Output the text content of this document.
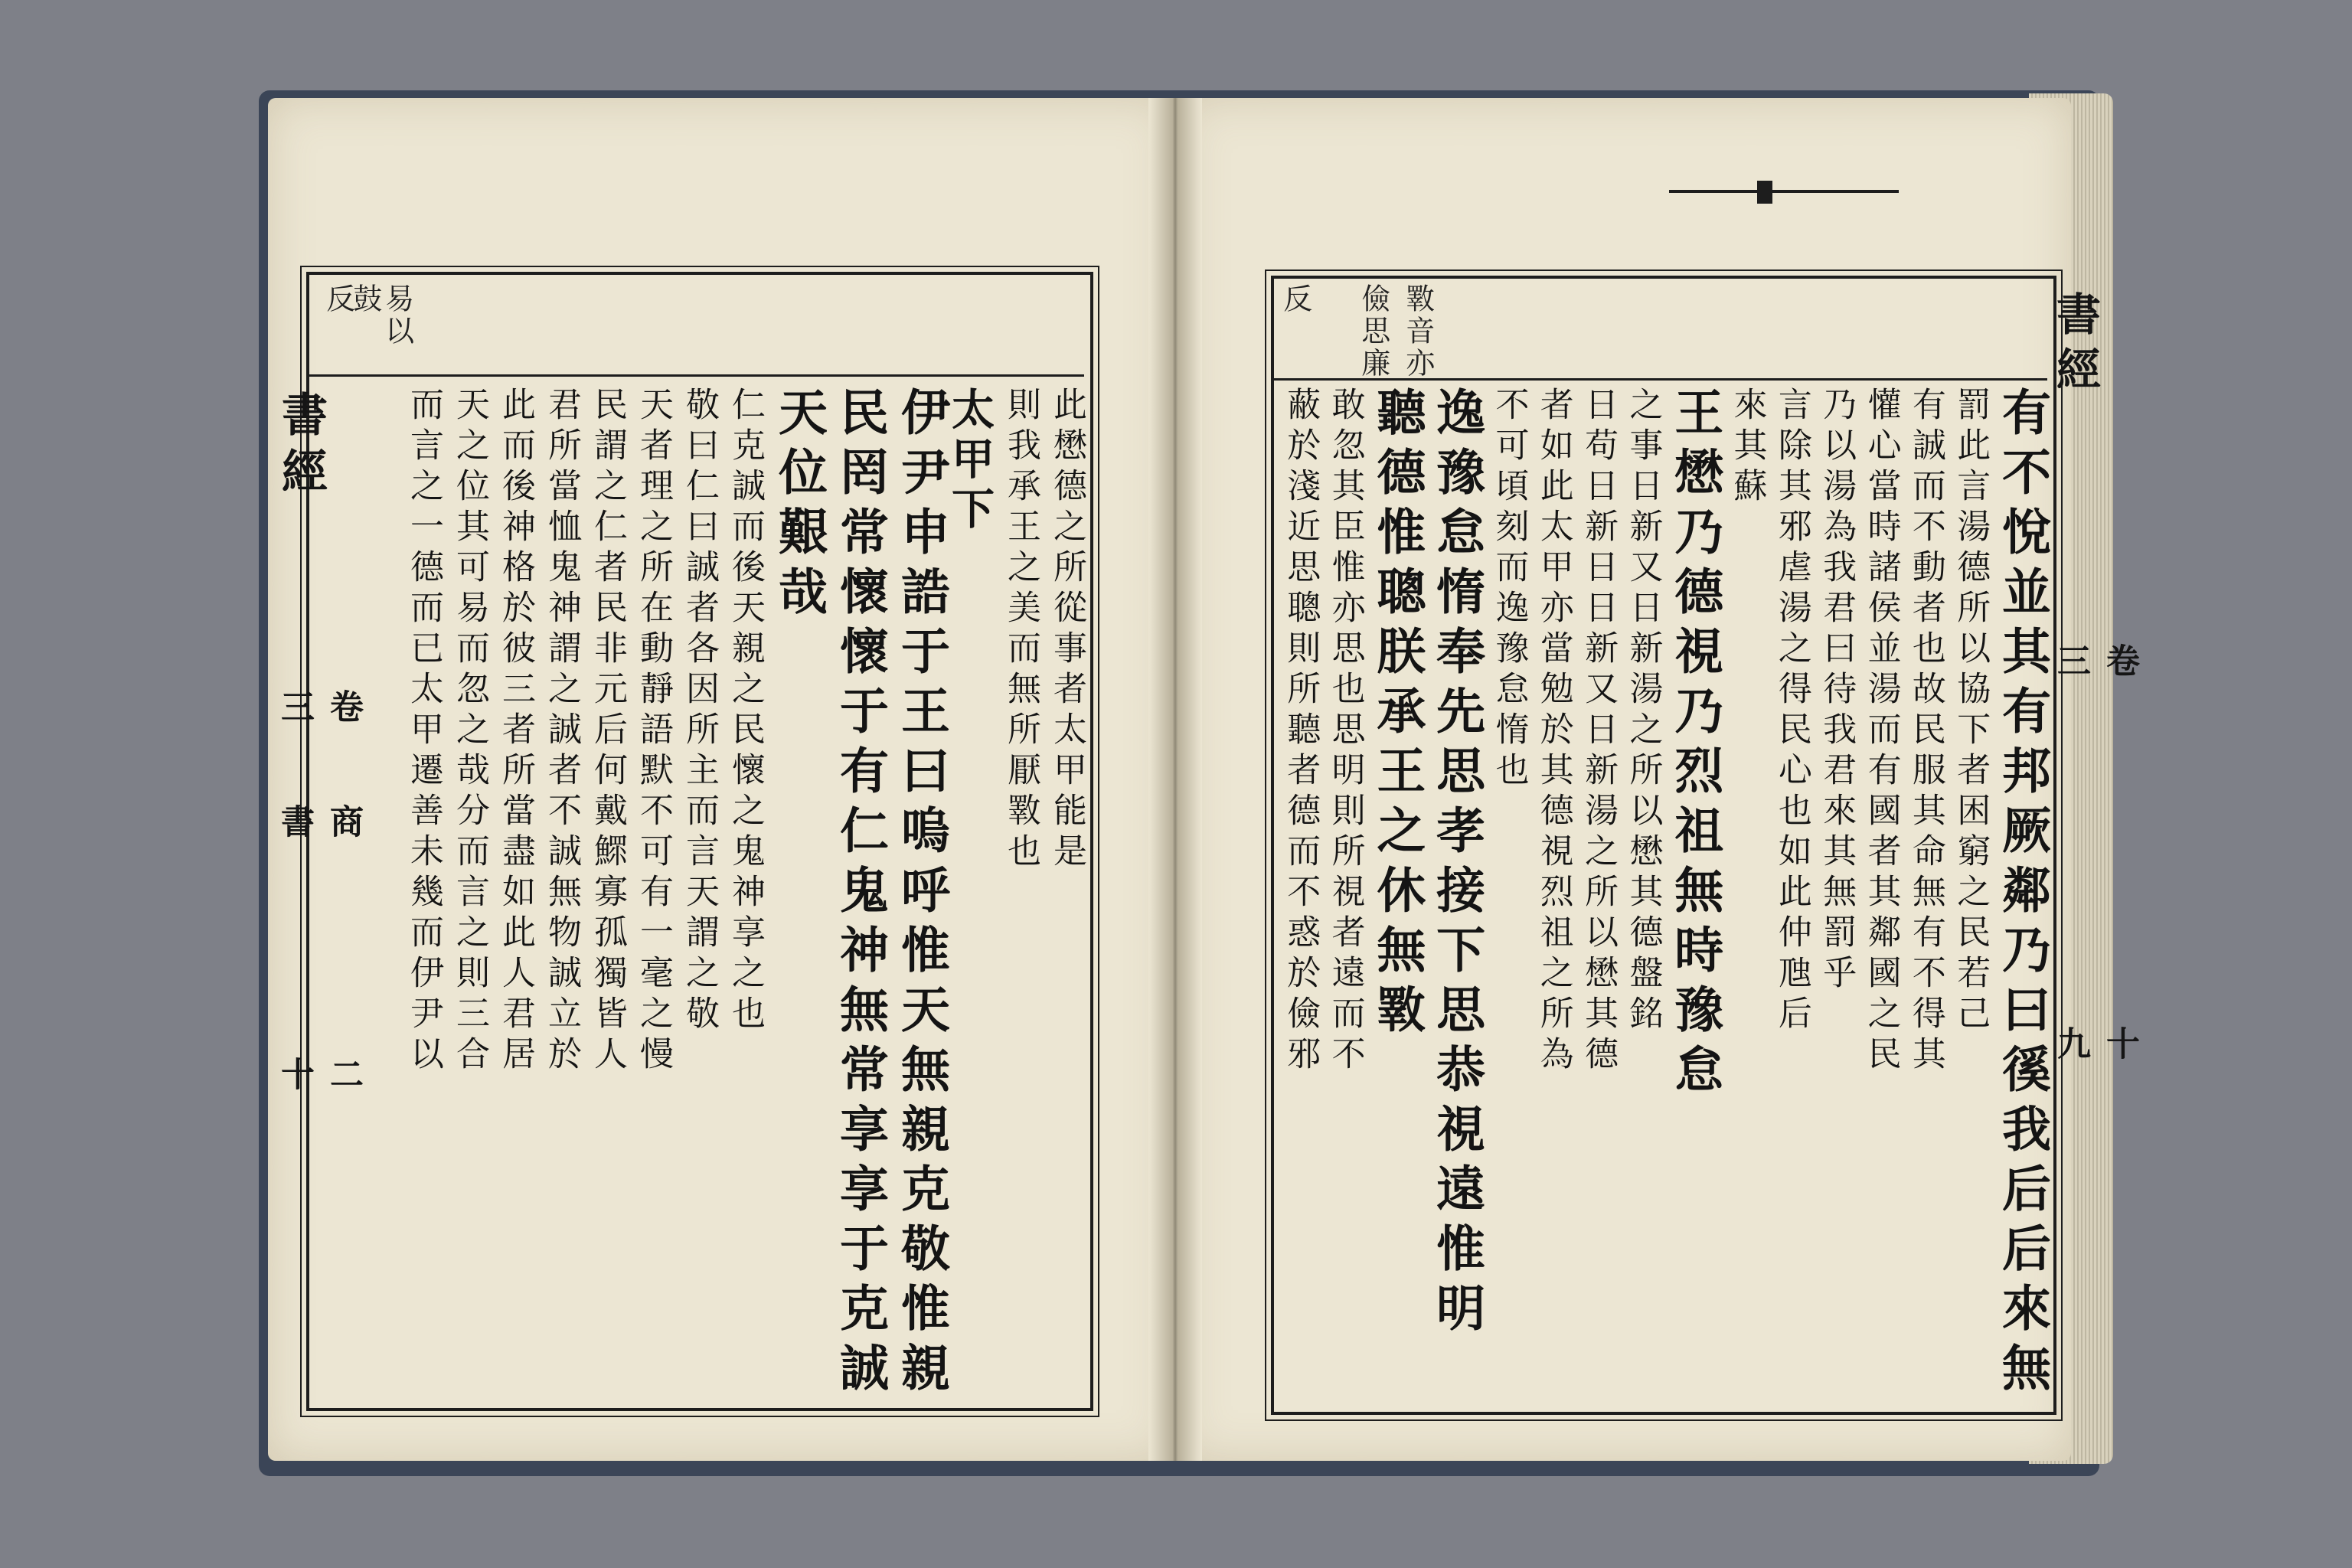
易以鼓
反
書經
卷三
商書
二十
此懋德之所從事者太甲能是
則我承王之美而無所厭斁也
太甲下
伊尹申誥于王曰嗚呼惟天無親克敬惟親
民罔常懷懷于有仁鬼神無常享享于克誠
天位艱哉
仁克誠而後天親之民懷之鬼神享之也
敬曰仁曰誠者各因所主而言天謂之敬
天者理之所在動靜語默不可有一毫之慢
民謂之仁者民非元后何戴鰥寡孤獨皆人
君所當恤鬼神謂之誠者不誠無物誠立於
此而後神格於彼三者所當盡如此人君居
天之位其可易而忽之哉分而言之則三合
而言之一德而已太甲遷善未幾而伊尹以
斁音亦
儉思廉
反	書經
卷三
十九
有不悅並其有邦厥鄰乃曰徯我后后來無
罰此言湯德所以協下者困窮之民若己
有誠而不動者也故民服其命無有不得其
懽心當時諸侯並湯而有國者其鄰國之民
乃以湯為我君曰待我君來其無罰乎
言除其邪虐湯之得民心也如此仲虺后
來其蘇
王懋乃德視乃烈祖無時豫怠
之事日新又日新湯之所以懋其德盤銘
日苟日新日日新又日新湯之所以懋其德
者如此太甲亦當勉於其德視烈祖之所為
不可頃刻而逸豫怠惰也
逸豫怠惰奉先思孝接下思恭視遠惟明
聽德惟聰朕承王之休無斁
敢忽其臣惟亦思也思明則所視者遠而不
蔽於淺近思聰則所聽者德而不惑於儉邪
